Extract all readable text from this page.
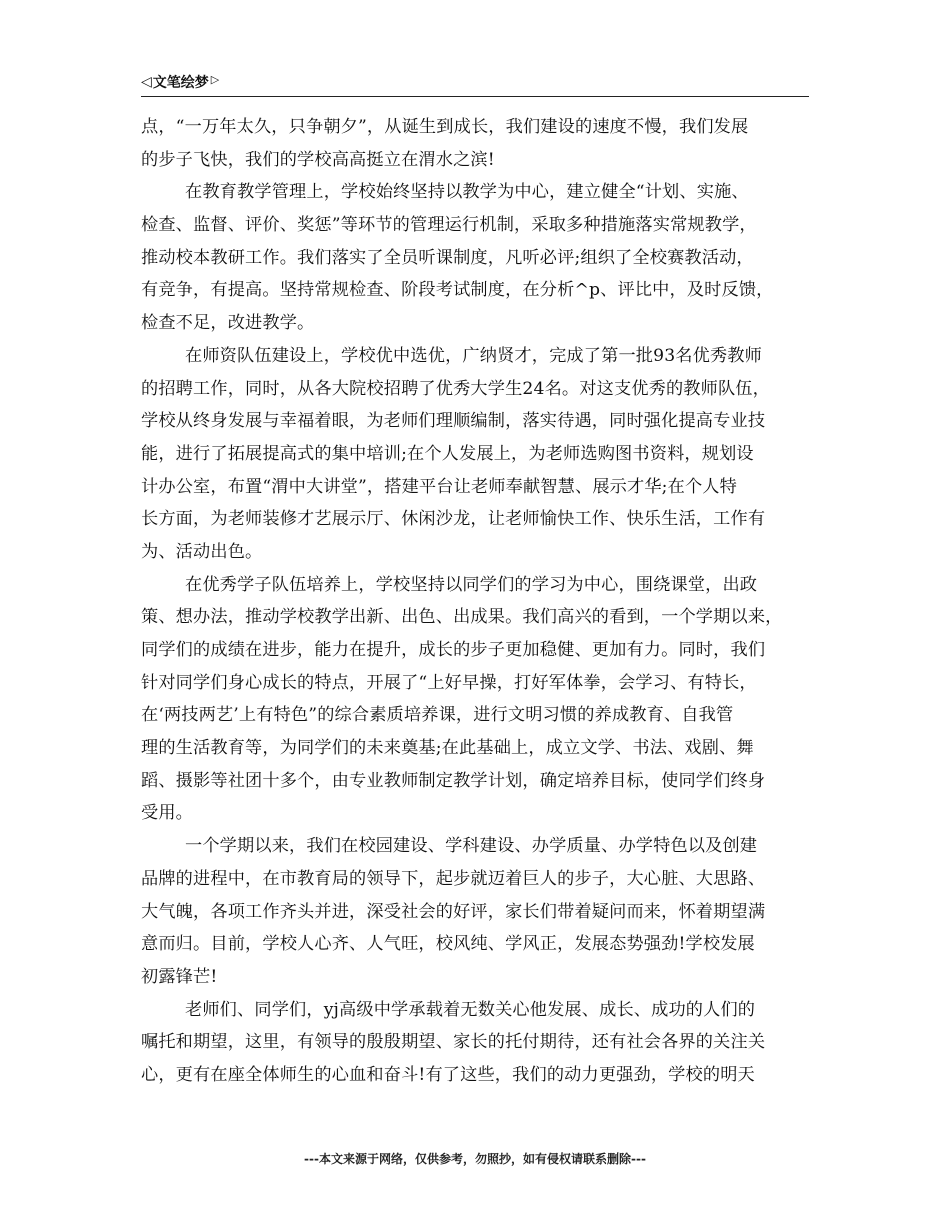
◁ 文笔绘梦 ▷
点，“一万年太久，只争朝夕”，从诞生到成长，我们建设的速度不慢，我们发展
的步子飞快，我们的学校高高挺立在渭水之滨!
在教育教学管理上，学校始终坚持以教学为中心，建立健全“计划、实施、
检查、监督、评价、奖惩”等环节的管理运行机制，采取多种措施落实常规教学，
推动校本教研工作。我们落实了全员听课制度，凡听必评;组织了全校赛教活动，
有竞争，有提高。坚持常规检查、阶段考试制度，在分析^p、评比中，及时反馈，
检查不足，改进教学。
在师资队伍建设上，学校优中选优，广纳贤才，完成了第一批93名优秀教师
的招聘工作，同时，从各大院校招聘了优秀大学生24名。对这支优秀的教师队伍，
学校从终身发展与幸福着眼，为老师们理顺编制，落实待遇，同时强化提高专业技
能，进行了拓展提高式的集中培训;在个人发展上，为老师选购图书资料，规划设
计办公室，布置“渭中大讲堂”，搭建平台让老师奉献智慧、展示才华;在个人特
长方面，为老师装修才艺展示厅、休闲沙龙，让老师愉快工作、快乐生活，工作有
为、活动出色。
在优秀学子队伍培养上，学校坚持以同学们的学习为中心，围绕课堂，出政
策、想办法，推动学校教学出新、出色、出成果。我们高兴的看到，一个学期以来，
同学们的成绩在进步，能力在提升，成长的步子更加稳健、更加有力。同时，我们
针对同学们身心成长的特点，开展了“上好早操，打好军体拳，会学习、有特长，
在‘两技两艺’上有特色”的综合素质培养课，进行文明习惯的养成教育、自我管
理的生活教育等，为同学们的未来奠基;在此基础上，成立文学、书法、戏剧、舞
蹈、摄影等社团十多个，由专业教师制定教学计划，确定培养目标，使同学们终身
受用。
一个学期以来，我们在校园建设、学科建设、办学质量、办学特色以及创建
品牌的进程中，在市教育局的领导下，起步就迈着巨人的步子，大心脏、大思路、
大气魄，各项工作齐头并进，深受社会的好评，家长们带着疑问而来，怀着期望满
意而归。目前，学校人心齐、人气旺，校风纯、学风正，发展态势强劲!学校发展
初露锋芒!
老师们、同学们，yj高级中学承载着无数关心他发展、成长、成功的人们的
嘱托和期望，这里，有领导的殷殷期望、家长的托付期待，还有社会各界的关注关
心，更有在座全体师生的心血和奋斗!有了这些，我们的动力更强劲，学校的明天
---本文来源于网络，仅供参考，勿照抄，如有侵权请联系删除---
